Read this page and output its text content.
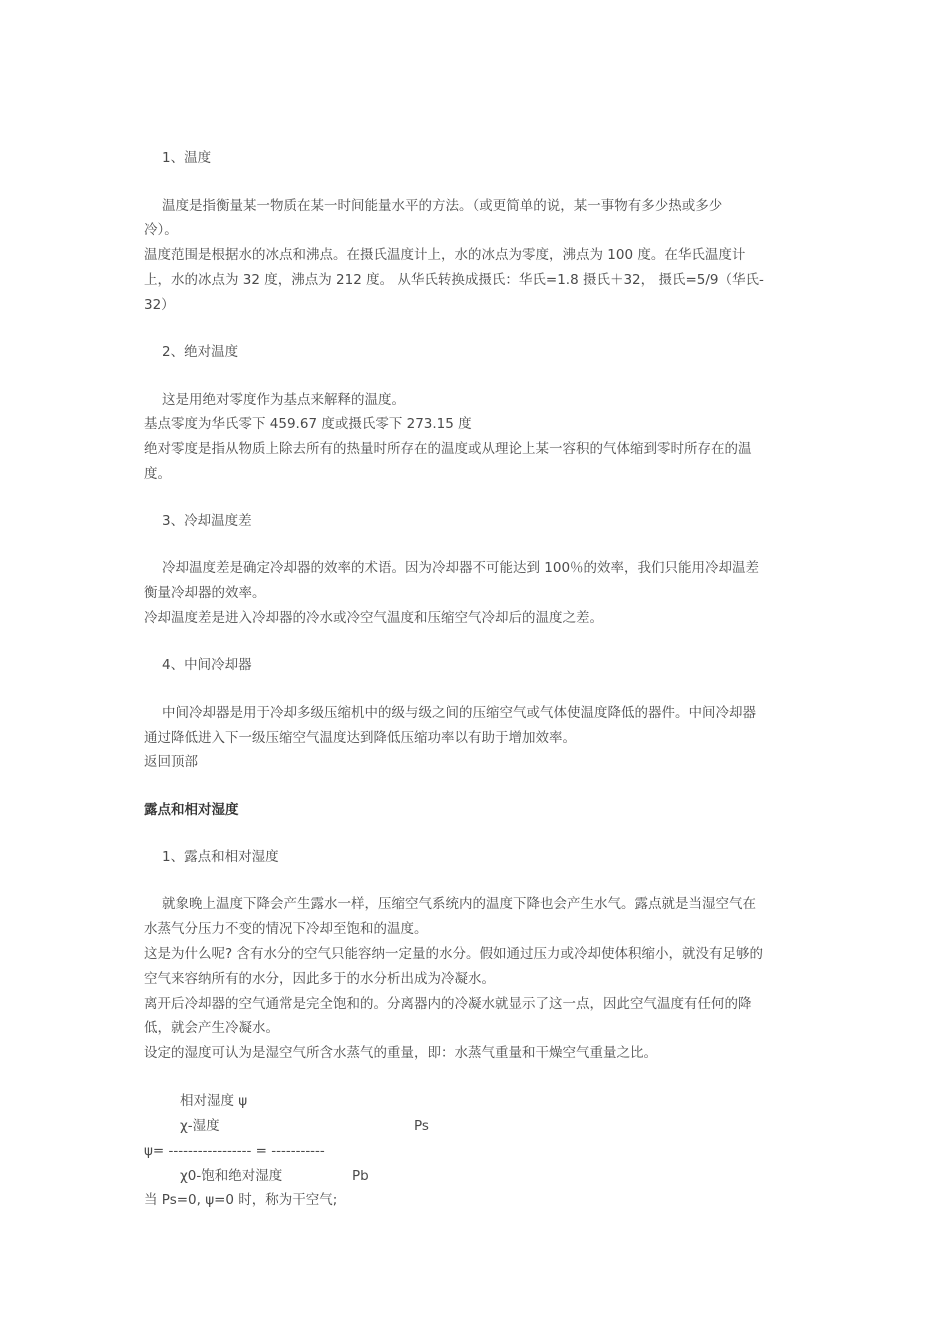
1、温度
温度是指衡量某一物质在某一时间能量水平的方法。（或更简单的说，某一事物有多少热或多少
冷）。
温度范围是根据水的冰点和沸点。在摄氏温度计上，水的冰点为零度，沸点为 100 度。在华氏温度计
上，水的冰点为 32 度，沸点为 212 度。 从华氏转换成摄氏：华氏=1.8 摄氏＋32， 摄氏=5/9（华氏-
32）
2、绝对温度
这是用绝对零度作为基点来解释的温度。
基点零度为华氏零下 459.67 度或摄氏零下 273.15 度
绝对零度是指从物质上除去所有的热量时所存在的温度或从理论上某一容积的气体缩到零时所存在的温
度。
3、冷却温度差
冷却温度差是确定冷却器的效率的术语。因为冷却器不可能达到 100％的效率，我们只能用冷却温差
衡量冷却器的效率。
冷却温度差是进入冷却器的冷水或冷空气温度和压缩空气冷却后的温度之差。
4、中间冷却器
中间冷却器是用于冷却多级压缩机中的级与级之间的压缩空气或气体使温度降低的器件。中间冷却器
通过降低进入下一级压缩空气温度达到降低压缩功率以有助于增加效率。
返回顶部
露点和相对湿度
1、露点和相对湿度
就象晚上温度下降会产生露水一样，压缩空气系统内的温度下降也会产生水气。露点就是当湿空气在
水蒸气分压力不变的情况下冷却至饱和的温度。
这是为什么呢? 含有水分的空气只能容纳一定量的水分。假如通过压力或冷却使体积缩小，就没有足够的
空气来容纳所有的水分，因此多于的水分析出成为冷凝水。
离开后冷却器的空气通常是完全饱和的。分离器内的冷凝水就显示了这一点，因此空气温度有任何的降
低，就会产生冷凝水。
设定的湿度可认为是湿空气所含水蒸气的重量，即：水蒸气重量和干燥空气重量之比。
相对湿度 ψ
χ-湿度	Ps
ψ= ----------------- = -----------
χ0-饱和绝对湿度	Pb
当 Ps=0, ψ=0 时，称为干空气;
